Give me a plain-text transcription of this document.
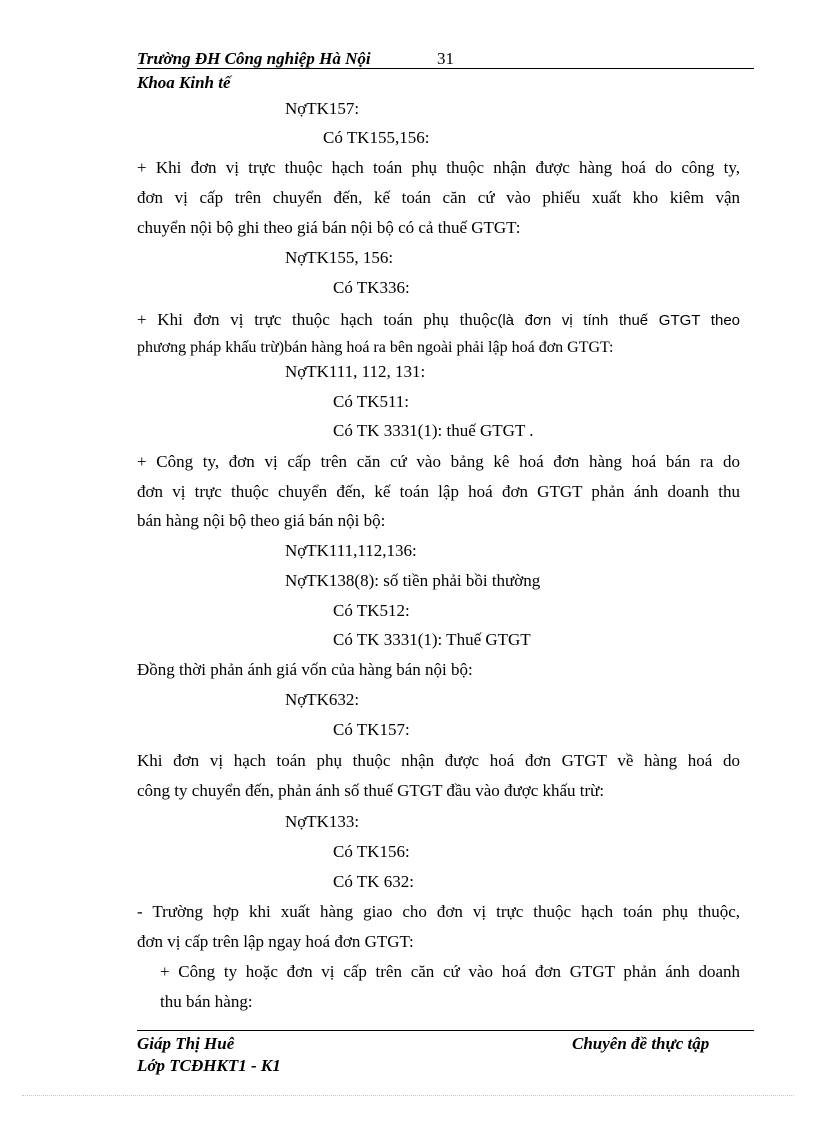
Trường ĐH Công nghiệp Hà Nội	31
Khoa Kinh tế
NợTK157:
Có TK155,156:
+ Khi đơn vị trực thuộc hạch toán phụ thuộc nhận được hàng hoá do công ty,
đơn vị cấp trên chuyển đến, kế toán căn cứ vào phiếu xuất kho kiêm vận
chuyển nội bộ ghi theo giá bán nội bộ có cả thuế GTGT:
NợTK155, 156:
Có TK336:
+ Khi đơn vị trực thuộc hạch toán phụ thuộc(là đơn vị tính thuế GTGT theo
phương pháp khấu trừ)bán hàng hoá ra bên ngoài phải lập hoá đơn GTGT:
NợTK111, 112, 131:
Có TK511:
Có TK 3331(1): thuế GTGT .
+ Công ty, đơn vị cấp trên căn cứ vào bảng kê hoá đơn hàng hoá bán ra do
đơn vị trực thuộc chuyển đến, kế toán lập hoá đơn GTGT phản ánh doanh thu
bán hàng nội bộ theo giá bán nội bộ:
NợTK111,112,136:
NợTK138(8): số tiền phải bồi thường
Có TK512:
Có TK 3331(1): Thuế GTGT
Đồng thời phản ánh giá vốn của hàng bán nội bộ:
NợTK632:
Có TK157:
Khi đơn vị hạch toán phụ thuộc nhận được hoá đơn GTGT về hàng hoá do
công ty chuyển đến, phản ánh số thuế GTGT đầu vào được khấu trừ:
NợTK133:
Có TK156:
Có TK 632:
- Trường hợp khi xuất hàng giao cho đơn vị trực thuộc hạch toán phụ thuộc,
đơn vị cấp trên lập ngay hoá đơn GTGT:
+ Công ty hoặc đơn vị cấp trên căn cứ vào hoá đơn GTGT phản ánh doanh
thu bán hàng:
Giáp Thị Huê	Chuyên đề thực tập
Lớp TCĐHKT1 - K1
